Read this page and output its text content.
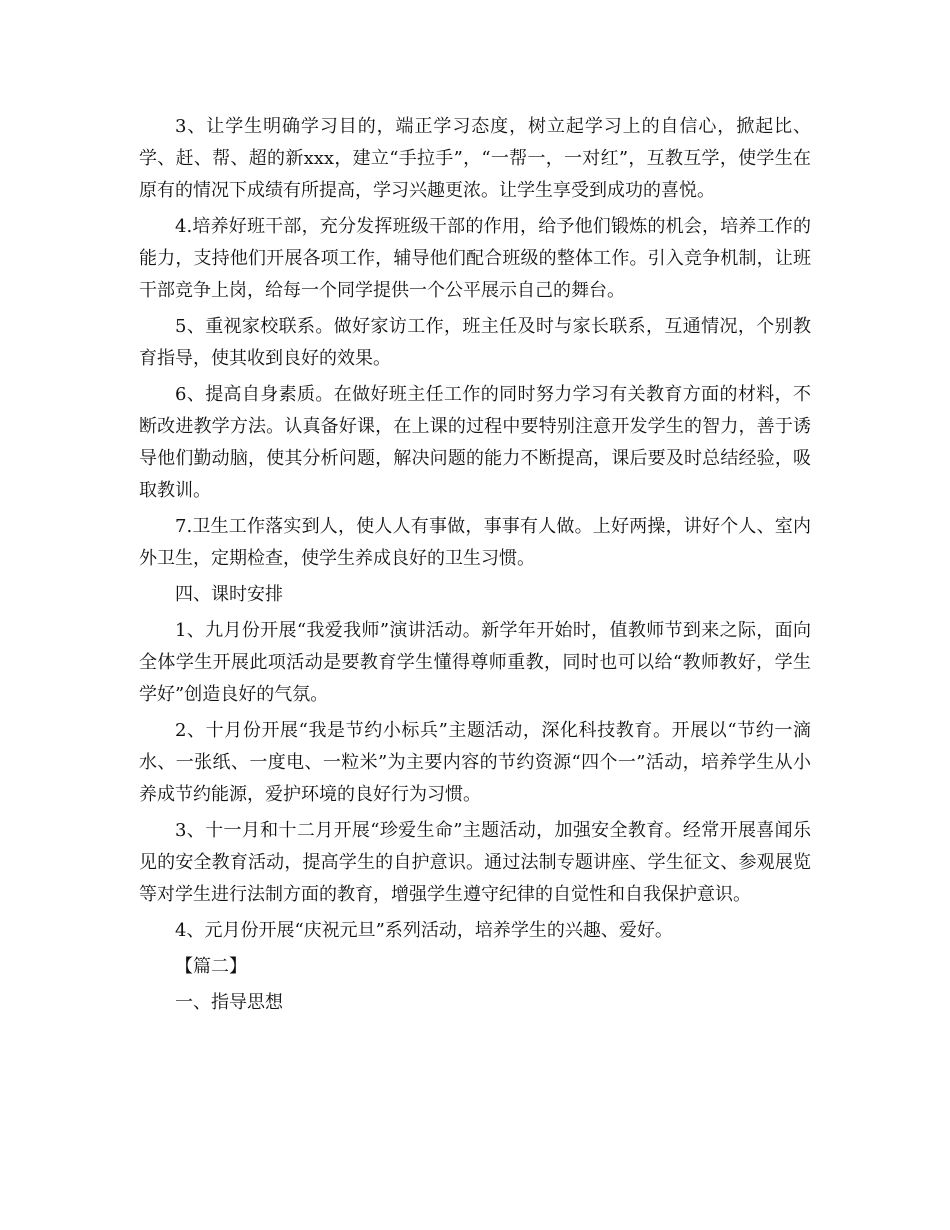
3、让学生明确学习目的，端正学习态度，树立起学习上的自信心，掀起比、学、赶、帮、超的新xxx，建立“手拉手”，“一帮一，一对红”，互教互学，使学生在原有的情况下成绩有所提高，学习兴趣更浓。让学生享受到成功的喜悦。

4.培养好班干部，充分发挥班级干部的作用，给予他们锻炼的机会，培养工作的能力，支持他们开展各项工作，辅导他们配合班级的整体工作。引入竞争机制，让班干部竞争上岗，给每一个同学提供一个公平展示自己的舞台。

5、重视家校联系。做好家访工作，班主任及时与家长联系，互通情况，个别教育指导，使其收到良好的效果。

6、提高自身素质。在做好班主任工作的同时努力学习有关教育方面的材料，不断改进教学方法。认真备好课，在上课的过程中要特别注意开发学生的智力，善于诱导他们勤动脑，使其分析问题，解决问题的能力不断提高，课后要及时总结经验，吸取教训。

7.卫生工作落实到人，使人人有事做，事事有人做。上好两操，讲好个人、室内外卫生，定期检查，使学生养成良好的卫生习惯。

四、课时安排

1、九月份开展“我爱我师”演讲活动。新学年开始时，值教师节到来之际，面向全体学生开展此项活动是要教育学生懂得尊师重教，同时也可以给“教师教好，学生学好”创造良好的气氛。

2、十月份开展“我是节约小标兵”主题活动，深化科技教育。开展以“节约一滴水、一张纸、一度电、一粒米”为主要内容的节约资源“四个一”活动，培养学生从小养成节约能源，爱护环境的良好行为习惯。

3、十一月和十二月开展“珍爱生命”主题活动，加强安全教育。经常开展喜闻乐见的安全教育活动，提高学生的自护意识。通过法制专题讲座、学生征文、参观展览等对学生进行法制方面的教育，增强学生遵守纪律的自觉性和自我保护意识。

4、元月份开展“庆祝元旦”系列活动，培养学生的兴趣、爱好。

【篇二】

一、指导思想
